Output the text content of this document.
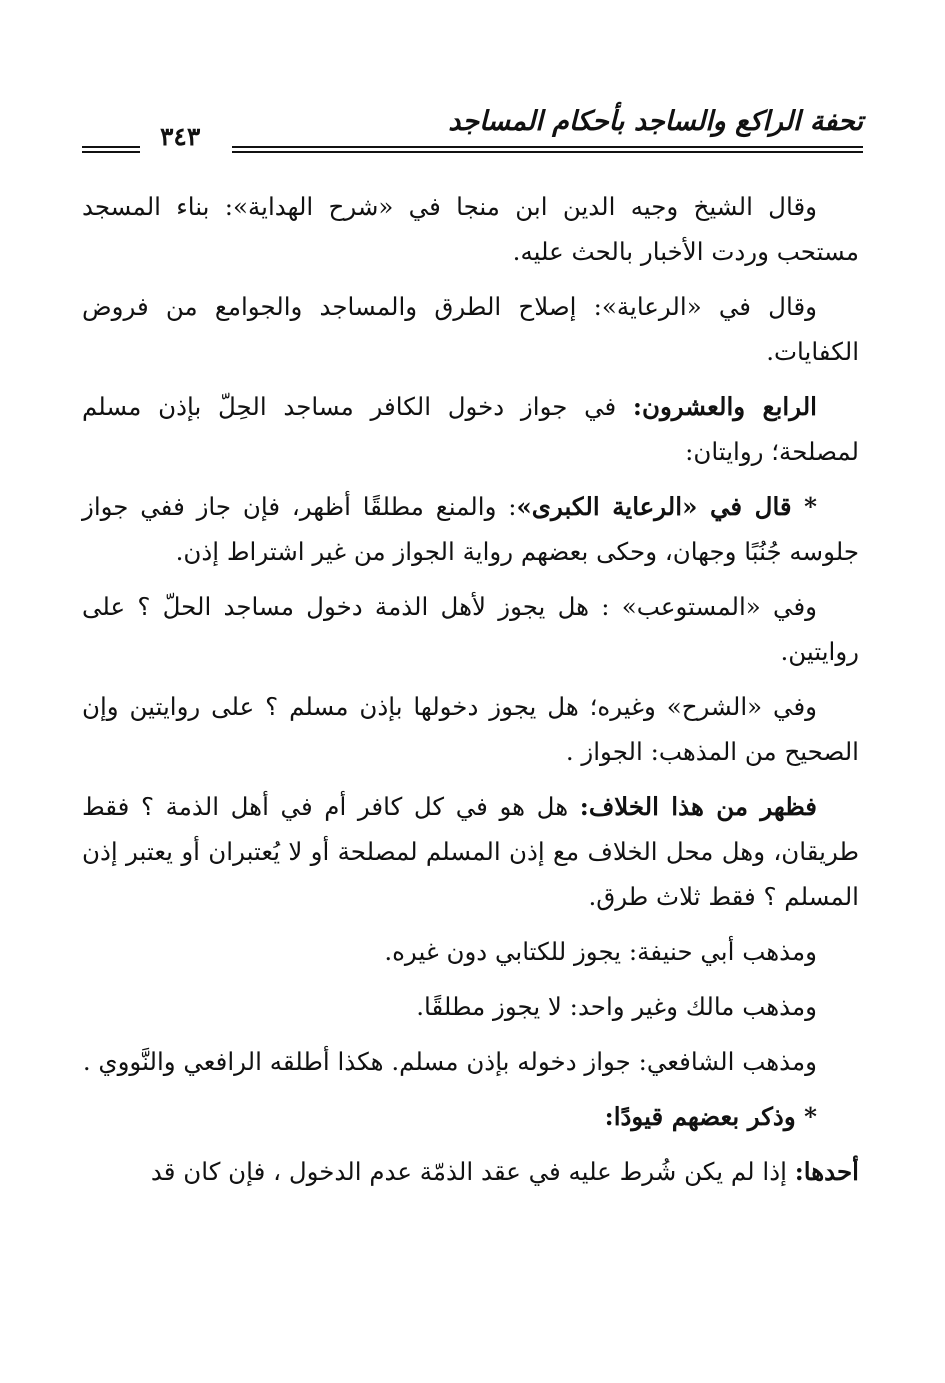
تحفة الراكع والساجد بأحكام المساجد
٣٤٣

وقال الشيخ وجيه الدين ابن منجا في «شرح الهداية»: بناء المسجد مستحب وردت الأخبار بالحث عليه.

وقال في «الرعاية»: إصلاح الطرق والمساجد والجوامع من فروض الكفايات.

الرابع والعشرون: في جواز دخول الكافر مساجد الحِلّ بإذن مسلم لمصلحة؛ روايتان:

* قال في «الرعاية الكبرى»: والمنع مطلقًا أظهر، فإن جاز ففي جواز جلوسه جُنُبًا وجهان، وحكى بعضهم رواية الجواز من غير اشتراط إذن.

وفي «المستوعب» : هل يجوز لأهل الذمة دخول مساجد الحلّ ؟ على روايتين.

وفي «الشرح» وغيره؛ هل يجوز دخولها بإذن مسلم ؟ على روايتين وإن الصحيح من المذهب: الجواز .

فظهر من هذا الخلاف: هل هو في كل كافر أم في أهل الذمة ؟ فقط طريقان، وهل محل الخلاف مع إذن المسلم لمصلحة أو لا يُعتبران أو يعتبر إذن المسلم ؟ فقط ثلاث طرق.

ومذهب أبي حنيفة: يجوز للكتابي دون غيره.

ومذهب مالك وغير واحد: لا يجوز مطلقًا.

ومذهب الشافعي: جواز دخوله بإذن مسلم. هكذا أطلقه الرافعي والنَّووي .

* وذكر بعضهم قيودًا:

أحدها: إذا لم يكن شُرط عليه في عقد الذمّة عدم الدخول ، فإن كان قد
